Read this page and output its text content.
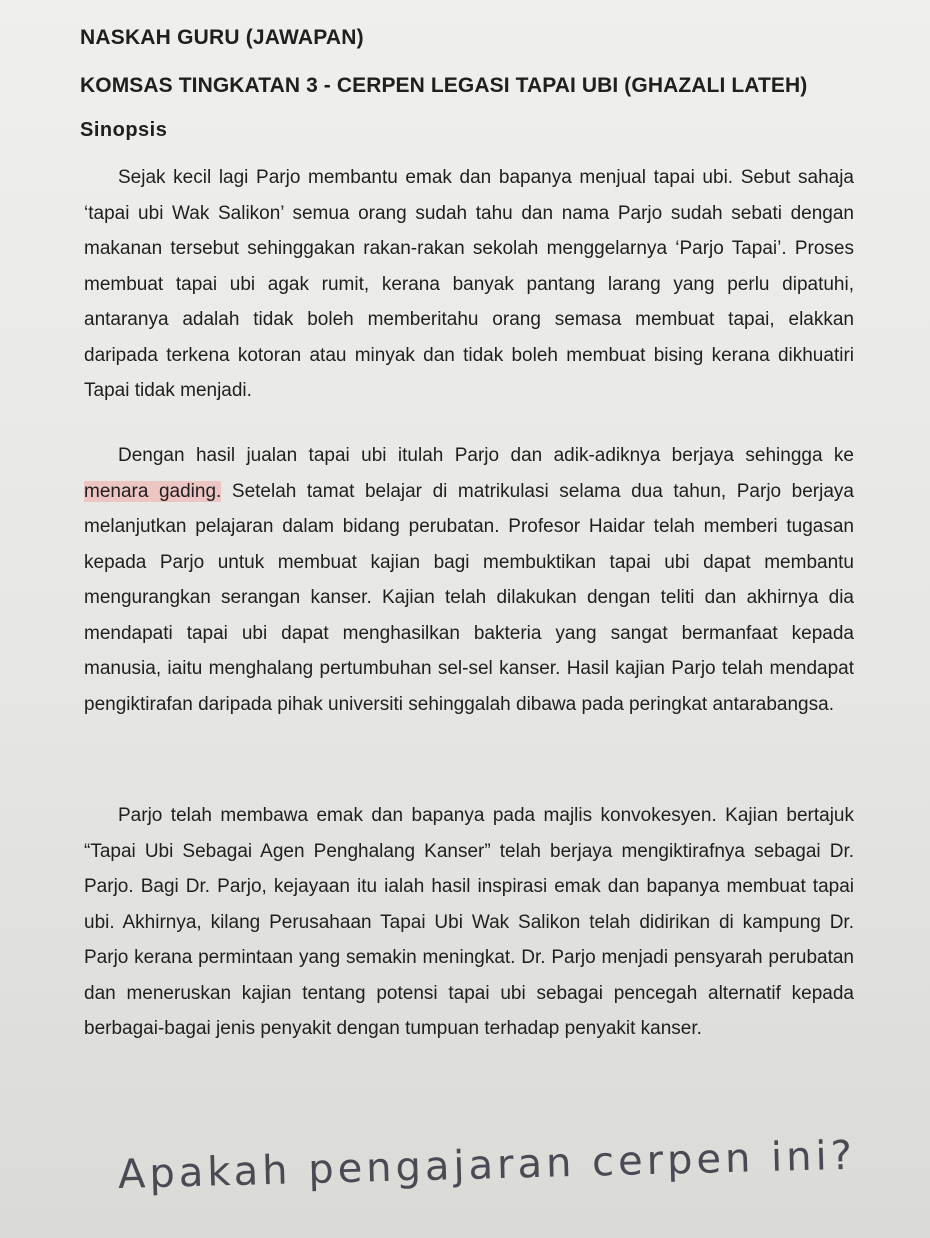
NASKAH GURU (JAWAPAN)
KOMSAS TINGKATAN 3 - CERPEN LEGASI TAPAI UBI (GHAZALI LATEH)
Sinopsis

Sejak kecil lagi Parjo membantu emak dan bapanya menjual tapai ubi. Sebut sahaja ‘tapai ubi Wak Salikon’ semua orang sudah tahu dan nama Parjo sudah sebati dengan makanan tersebut sehinggakan rakan-rakan sekolah menggelarnya ‘Parjo Tapai’. Proses membuat tapai ubi agak rumit, kerana banyak pantang larang yang perlu dipatuhi, antaranya adalah tidak boleh memberitahu orang semasa membuat tapai, elakkan daripada terkena kotoran atau minyak dan tidak boleh membuat bising kerana dikhuatiri Tapai tidak menjadi.

Dengan hasil jualan tapai ubi itulah Parjo dan adik-adiknya berjaya sehingga ke menara gading. Setelah tamat belajar di matrikulasi selama dua tahun, Parjo berjaya melanjutkan pelajaran dalam bidang perubatan. Profesor Haidar telah memberi tugasan kepada Parjo untuk membuat kajian bagi membuktikan tapai ubi dapat membantu mengurangkan serangan kanser. Kajian telah dilakukan dengan teliti dan akhirnya dia mendapati tapai ubi dapat menghasilkan bakteria yang sangat bermanfaat kepada manusia, iaitu menghalang pertumbuhan sel-sel kanser. Hasil kajian Parjo telah mendapat pengiktirafan daripada pihak universiti sehinggalah dibawa pada peringkat antarabangsa.

Parjo telah membawa emak dan bapanya pada majlis konvokesyen. Kajian bertajuk “Tapai Ubi Sebagai Agen Penghalang Kanser” telah berjaya mengiktirafnya sebagai Dr. Parjo. Bagi Dr. Parjo, kejayaan itu ialah hasil inspirasi emak dan bapanya membuat tapai ubi. Akhirnya, kilang Perusahaan Tapai Ubi Wak Salikon telah didirikan di kampung Dr. Parjo kerana permintaan yang semakin meningkat. Dr. Parjo menjadi pensyarah perubatan dan meneruskan kajian tentang potensi tapai ubi sebagai pencegah alternatif kepada berbagai-bagai jenis penyakit dengan tumpuan terhadap penyakit kanser.

Apakah pengajaran cerpen ini?
